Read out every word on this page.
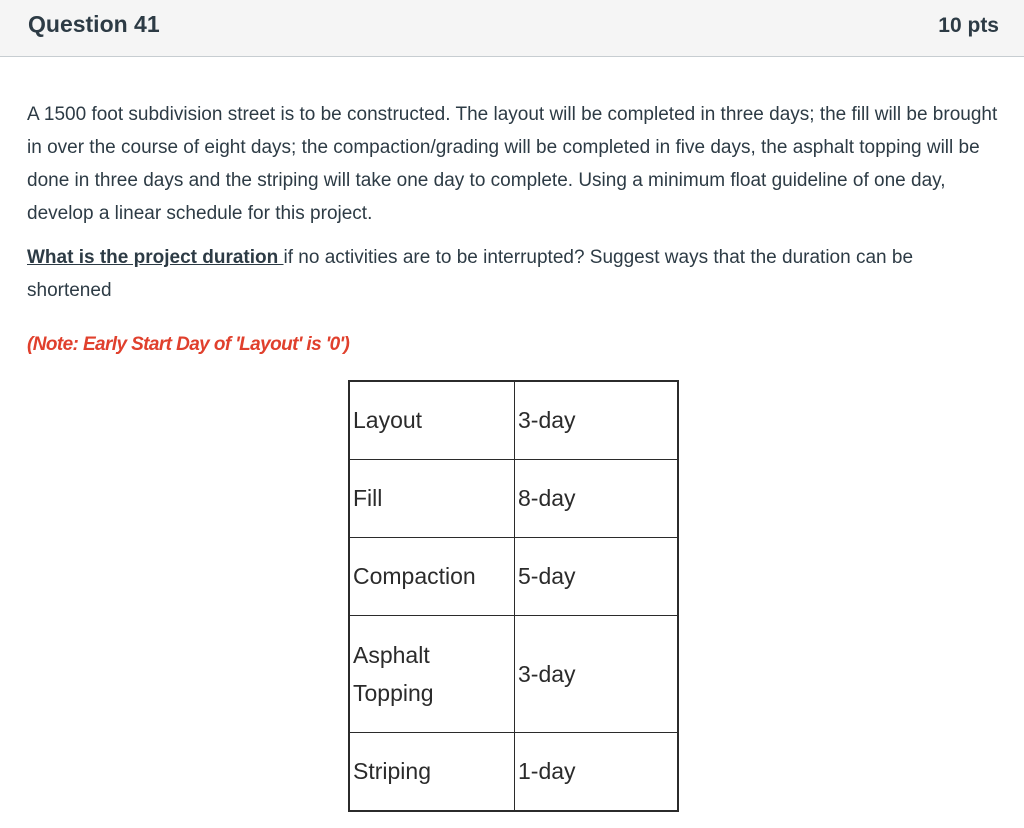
Question 41	10 pts

A 1500 foot subdivision street is to be constructed. The layout will be completed in three days; the fill will be brought in over the course of eight days; the compaction/grading will be completed in five days, the asphalt topping will be done in three days and the striping will take one day to complete. Using a minimum float guideline of one day, develop a linear schedule for this project.

What is the project duration if no activities are to be interrupted? Suggest ways that the duration can be shortened

(Note: Early Start Day of 'Layout' is '0')
Layout	3-day
Fill	8-day
Compaction	5-day
Asphalt Topping	3-day
Striping	1-day
